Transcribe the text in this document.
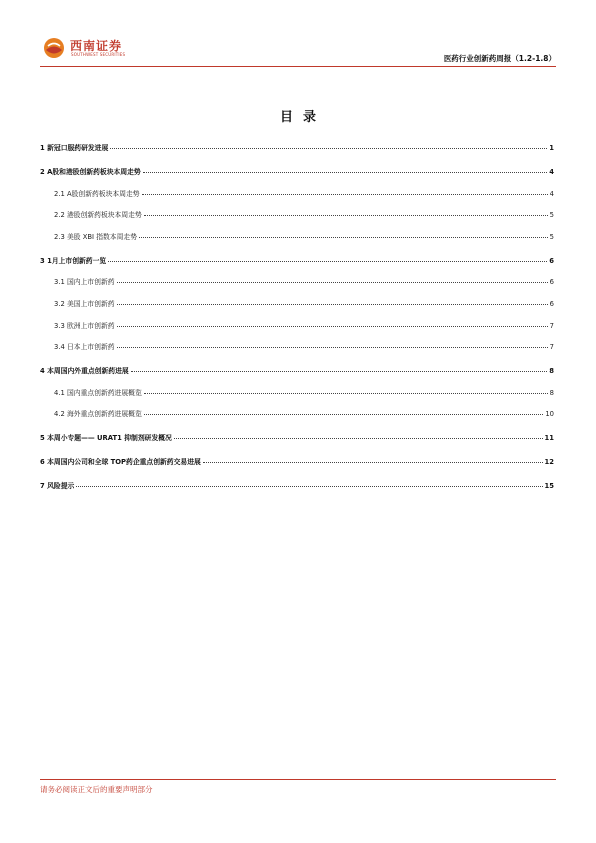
西南证券
SOUTHWEST SECURITIES	医药行业创新药周报（1.2-1.8）
目录
1 新冠口服药研发进展	1
2 A股和港股创新药板块本周走势	4
2.1 A股创新药板块本周走势	4
2.2 港股创新药板块本周走势	5
2.3 美股 XBI 指数本周走势	5
3 1月上市创新药一览	6
3.1 国内上市创新药	6
3.2 美国上市创新药	6
3.3 欧洲上市创新药	7
3.4 日本上市创新药	7
4 本周国内外重点创新药进展	8
4.1 国内重点创新药进展概览	8
4.2 海外重点创新药进展概览	10
5 本周小专题—— URAT1 抑制剂研发概况	11
6 本周国内公司和全球 TOP药企重点创新药交易进展	12
7 风险提示	15
请务必阅读正文后的重要声明部分
